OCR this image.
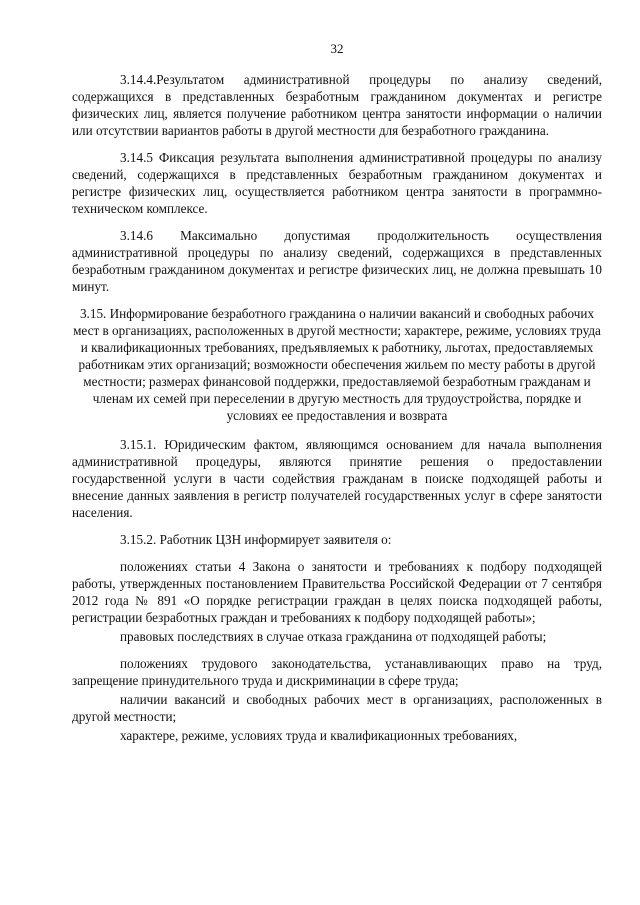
32

3.14.4.Результатом административной процедуры по анализу сведений, содержащихся в представленных безработным гражданином документах и регистре физических лиц, является получение работником центра занятости информации о наличии или отсутствии вариантов работы в другой местности для безработного гражданина.

3.14.5 Фиксация результата выполнения административной процедуры по анализу сведений, содержащихся в представленных безработным гражданином документах и регистре физических лиц, осуществляется работником центра занятости в программно-техническом комплексе.

3.14.6 Максимально допустимая продолжительность осуществления административной процедуры по анализу сведений, содержащихся в представленных безработным гражданином документах и регистре физических лиц, не должна превышать 10 минут.

3.15. Информирование безработного гражданина о наличии вакансий и свободных рабочих мест в организациях, расположенных в другой местности; характере, режиме, условиях труда и квалификационных требованиях, предъявляемых к работнику, льготах, предоставляемых работникам этих организаций; возможности обеспечения жильем по месту работы в другой местности; размерах финансовой поддержки, предоставляемой безработным гражданам и членам их семей при переселении в другую местность для трудоустройства, порядке и условиях ее предоставления и возврата

3.15.1. Юридическим фактом, являющимся основанием для начала выполнения административной процедуры, являются принятие решения о предоставлении государственной услуги в части содействия гражданам в поиске подходящей работы и внесение данных заявления в регистр получателей государственных услуг в сфере занятости населения.

3.15.2. Работник ЦЗН информирует заявителя о:

положениях статьи 4 Закона о занятости и требованиях к подбору подходящей работы, утвержденных постановлением Правительства Российской Федерации от 7 сентября 2012 года № 891 «О порядке регистрации граждан в целях поиска подходящей работы, регистрации безработных граждан и требованиях к подбору подходящей работы»;

правовых последствиях в случае отказа гражданина от подходящей работы;

положениях трудового законодательства, устанавливающих право на труд, запрещение принудительного труда и дискриминации в сфере труда;

наличии вакансий и свободных рабочих мест в организациях, расположенных в другой местности;

характере, режиме, условиях труда и квалификационных требованиях,
